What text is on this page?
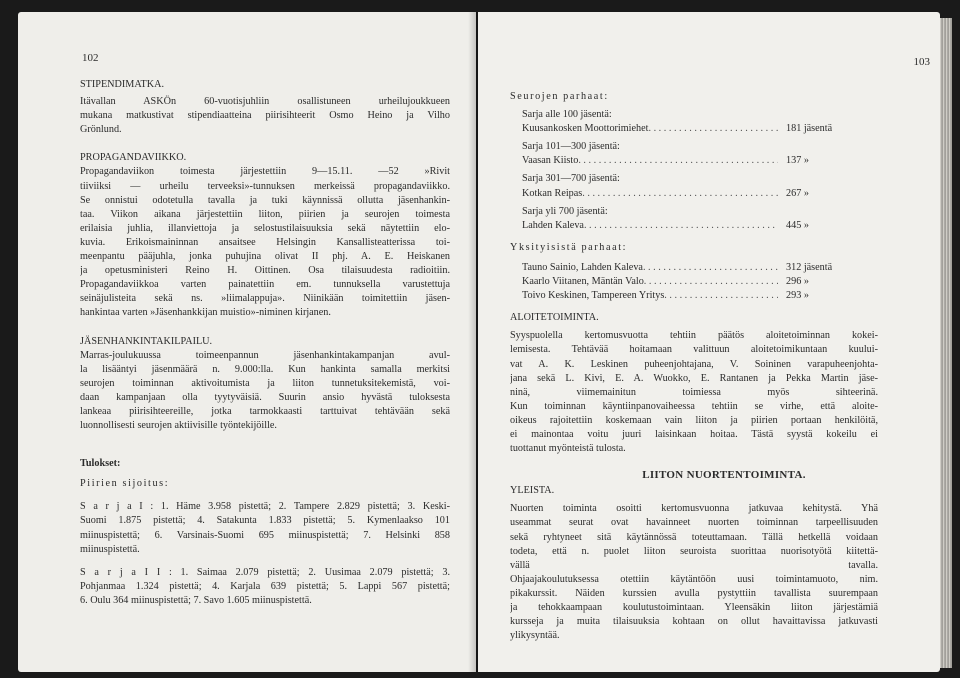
102
STIPENDIMATKA.
Itävallan ASKÖn 60-vuotisjuhliin osallistuneen urheilujoukkueen
mukana matkustivat stipendiaatteina piirisihteerit Osmo Heino ja Vilho
Grönlund.
PROPAGANDAVIIKKO.
Propagandaviikon toimesta järjestettiin 9—15.11. —52 »Rivit
tiiviiksi — urheilu terveeksi»-tunnuksen merkeissä propagandaviikko.
Se onnistui odotetulla tavalla ja tuki käynnissä ollutta jäsenhankin-
taa. Viikon aikana järjestettiin liiton, piirien ja seurojen toimesta
erilaisia juhlia, illanviettoja ja selostustilaisuuksia sekä näytettiin elo-
kuvia. Erikoismaininnan ansaitsee Helsingin Kansallisteatterissa toi-
meenpantu pääjuhla, jonka puhujina olivat II phj. A. E. Heiskanen
ja opetusministeri Reino H. Oittinen. Osa tilaisuudesta radioitiin.
Propagandaviikkoa varten painatettiin em. tunnuksella varustettuja
seinäjulisteita sekä ns. »liimalappuja». Niinikään toimitettiin jäsen-
hankintaa varten »Jäsenhankkijan muistio»-niminen kirjanen.
JÄSENHANKINTAKILPAILU.
Marras-joulukuussa toimeenpannun jäsenhankintakampanjan avul-
la lisääntyi jäsenmäärä n. 9.000:lla. Kun hankinta samalla merkitsi
seurojen toiminnan aktivoitumista ja liiton tunnetuksitekemistä, voi-
daan kampanjaan olla tyytyväisiä. Suurin ansio hyvästä tuloksesta
lankeaa piirisihteereille, jotka tarmokkaasti tarttuivat tehtävään sekä
luonnollisesti seurojen aktiivisille työntekijöille.
Tulokset:
Piirien sijoitus:
S a r j a I : 1. Häme 3.958 pistettä; 2. Tampere 2.829 pistettä; 3. Keski-
Suomi 1.875 pistettä; 4. Satakunta 1.833 pistettä; 5. Kymenlaakso 101
miinuspistettä; 6. Varsinais-Suomi 695 miinuspistettä; 7. Helsinki 858
miinuspistettä.
S a r j a I I : 1. Saimaa 2.079 pistettä; 2. Uusimaa 2.079 pistettä; 3.
Pohjanmaa 1.324 pistettä; 4. Karjala 639 pistettä; 5. Lappi 567 pistettä;
6. Oulu 364 miinuspistettä; 7. Savo 1.605 miinuspistettä.
103
Seurojen parhaat:
Sarja alle 100 jäsentä:
Kuusankosken Moottorimiehet . . .	181 jäsentä
Sarja 101—300 jäsentä:
Vaasan Kiisto . . .	137 »
Sarja 301—700 jäsentä:
Kotkan Reipas . . .	267 »
Sarja yli 700 jäsentä:
Lahden Kaleva . . .	445 »
Yksityisistä parhaat:
Tauno Sainio, Lahden Kaleva . . .	312 jäsentä
Kaarlo Viitanen, Mäntän Valo . . .	296 »
Toivo Keskinen, Tampereen Yritys . . .	293 »
ALOITETOIMINTA.
Syyspuolella kertomusvuotta tehtiin päätös aloitetoiminnan kokei-
lemisesta. Tehtävää hoitamaan valittuun aloitetoimikuntaan kuului-
vat A. K. Leskinen puheenjohtajana, V. Soininen varapuheenjohta-
jana sekä L. Kivi, E. A. Wuokko, E. Rantanen ja Pekka Martin jäse-
ninä, viimemainitun toimiessa myös sihteerinä.
Kun toiminnan käyntiinpanovaiheessa tehtiin se virhe, että aloite-
oikeus rajoitettiin koskemaan vain liiton ja piirien portaan henkilöitä,
ei mainontaa voitu juuri laisinkaan hoitaa. Tästä syystä kokeilu ei
tuottanut myönteistä tulosta.
LIITON NUORTENTOIMINTA.
YLEISTA.
Nuorten toiminta osoitti kertomusvuonna jatkuvaa kehitystä. Yhä
useammat seurat ovat havainneet nuorten toiminnan tarpeellisuuden
sekä ryhtyneet sitä käytännössä toteuttamaan. Tällä hetkellä voidaan
todeta, että n. puolet liiton seuroista suorittaa nuorisotyötä kiitettä-
vällä tavalla.
Ohjaajakoulutuksessa otettiin käytäntöön uusi toimintamuoto, nim.
pikakurssit. Näiden kurssien avulla pystyttiin tavallista suurempaan
ja tehokkaampaan koulutustoimintaan. Yleensäkin liiton järjestämiä
kursseja ja muita tilaisuuksia kohtaan on ollut havaittavissa jatkuvasti
ylikysyntää.
